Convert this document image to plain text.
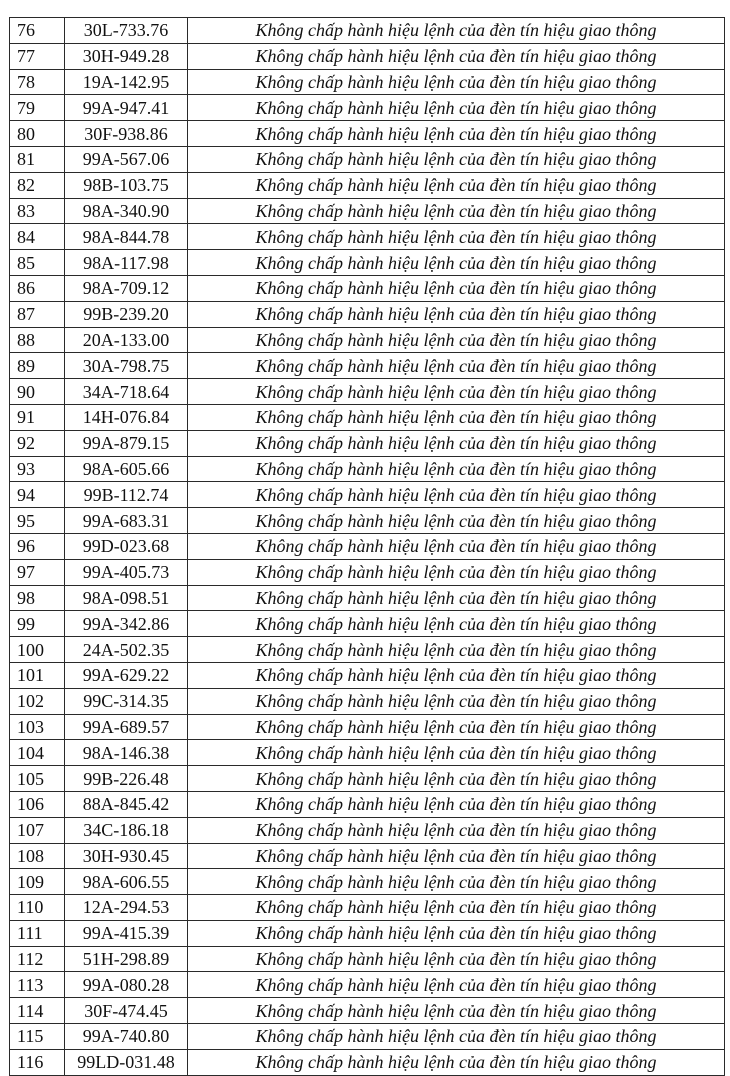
76	30L-733.76	Không chấp hành hiệu lệnh của đèn tín hiệu giao thông
77	30H-949.28	Không chấp hành hiệu lệnh của đèn tín hiệu giao thông
78	19A-142.95	Không chấp hành hiệu lệnh của đèn tín hiệu giao thông
79	99A-947.41	Không chấp hành hiệu lệnh của đèn tín hiệu giao thông
80	30F-938.86	Không chấp hành hiệu lệnh của đèn tín hiệu giao thông
81	99A-567.06	Không chấp hành hiệu lệnh của đèn tín hiệu giao thông
82	98B-103.75	Không chấp hành hiệu lệnh của đèn tín hiệu giao thông
83	98A-340.90	Không chấp hành hiệu lệnh của đèn tín hiệu giao thông
84	98A-844.78	Không chấp hành hiệu lệnh của đèn tín hiệu giao thông
85	98A-117.98	Không chấp hành hiệu lệnh của đèn tín hiệu giao thông
86	98A-709.12	Không chấp hành hiệu lệnh của đèn tín hiệu giao thông
87	99B-239.20	Không chấp hành hiệu lệnh của đèn tín hiệu giao thông
88	20A-133.00	Không chấp hành hiệu lệnh của đèn tín hiệu giao thông
89	30A-798.75	Không chấp hành hiệu lệnh của đèn tín hiệu giao thông
90	34A-718.64	Không chấp hành hiệu lệnh của đèn tín hiệu giao thông
91	14H-076.84	Không chấp hành hiệu lệnh của đèn tín hiệu giao thông
92	99A-879.15	Không chấp hành hiệu lệnh của đèn tín hiệu giao thông
93	98A-605.66	Không chấp hành hiệu lệnh của đèn tín hiệu giao thông
94	99B-112.74	Không chấp hành hiệu lệnh của đèn tín hiệu giao thông
95	99A-683.31	Không chấp hành hiệu lệnh của đèn tín hiệu giao thông
96	99D-023.68	Không chấp hành hiệu lệnh của đèn tín hiệu giao thông
97	99A-405.73	Không chấp hành hiệu lệnh của đèn tín hiệu giao thông
98	98A-098.51	Không chấp hành hiệu lệnh của đèn tín hiệu giao thông
99	99A-342.86	Không chấp hành hiệu lệnh của đèn tín hiệu giao thông
100	24A-502.35	Không chấp hành hiệu lệnh của đèn tín hiệu giao thông
101	99A-629.22	Không chấp hành hiệu lệnh của đèn tín hiệu giao thông
102	99C-314.35	Không chấp hành hiệu lệnh của đèn tín hiệu giao thông
103	99A-689.57	Không chấp hành hiệu lệnh của đèn tín hiệu giao thông
104	98A-146.38	Không chấp hành hiệu lệnh của đèn tín hiệu giao thông
105	99B-226.48	Không chấp hành hiệu lệnh của đèn tín hiệu giao thông
106	88A-845.42	Không chấp hành hiệu lệnh của đèn tín hiệu giao thông
107	34C-186.18	Không chấp hành hiệu lệnh của đèn tín hiệu giao thông
108	30H-930.45	Không chấp hành hiệu lệnh của đèn tín hiệu giao thông
109	98A-606.55	Không chấp hành hiệu lệnh của đèn tín hiệu giao thông
110	12A-294.53	Không chấp hành hiệu lệnh của đèn tín hiệu giao thông
111	99A-415.39	Không chấp hành hiệu lệnh của đèn tín hiệu giao thông
112	51H-298.89	Không chấp hành hiệu lệnh của đèn tín hiệu giao thông
113	99A-080.28	Không chấp hành hiệu lệnh của đèn tín hiệu giao thông
114	30F-474.45	Không chấp hành hiệu lệnh của đèn tín hiệu giao thông
115	99A-740.80	Không chấp hành hiệu lệnh của đèn tín hiệu giao thông
116	99LD-031.48	Không chấp hành hiệu lệnh của đèn tín hiệu giao thông
